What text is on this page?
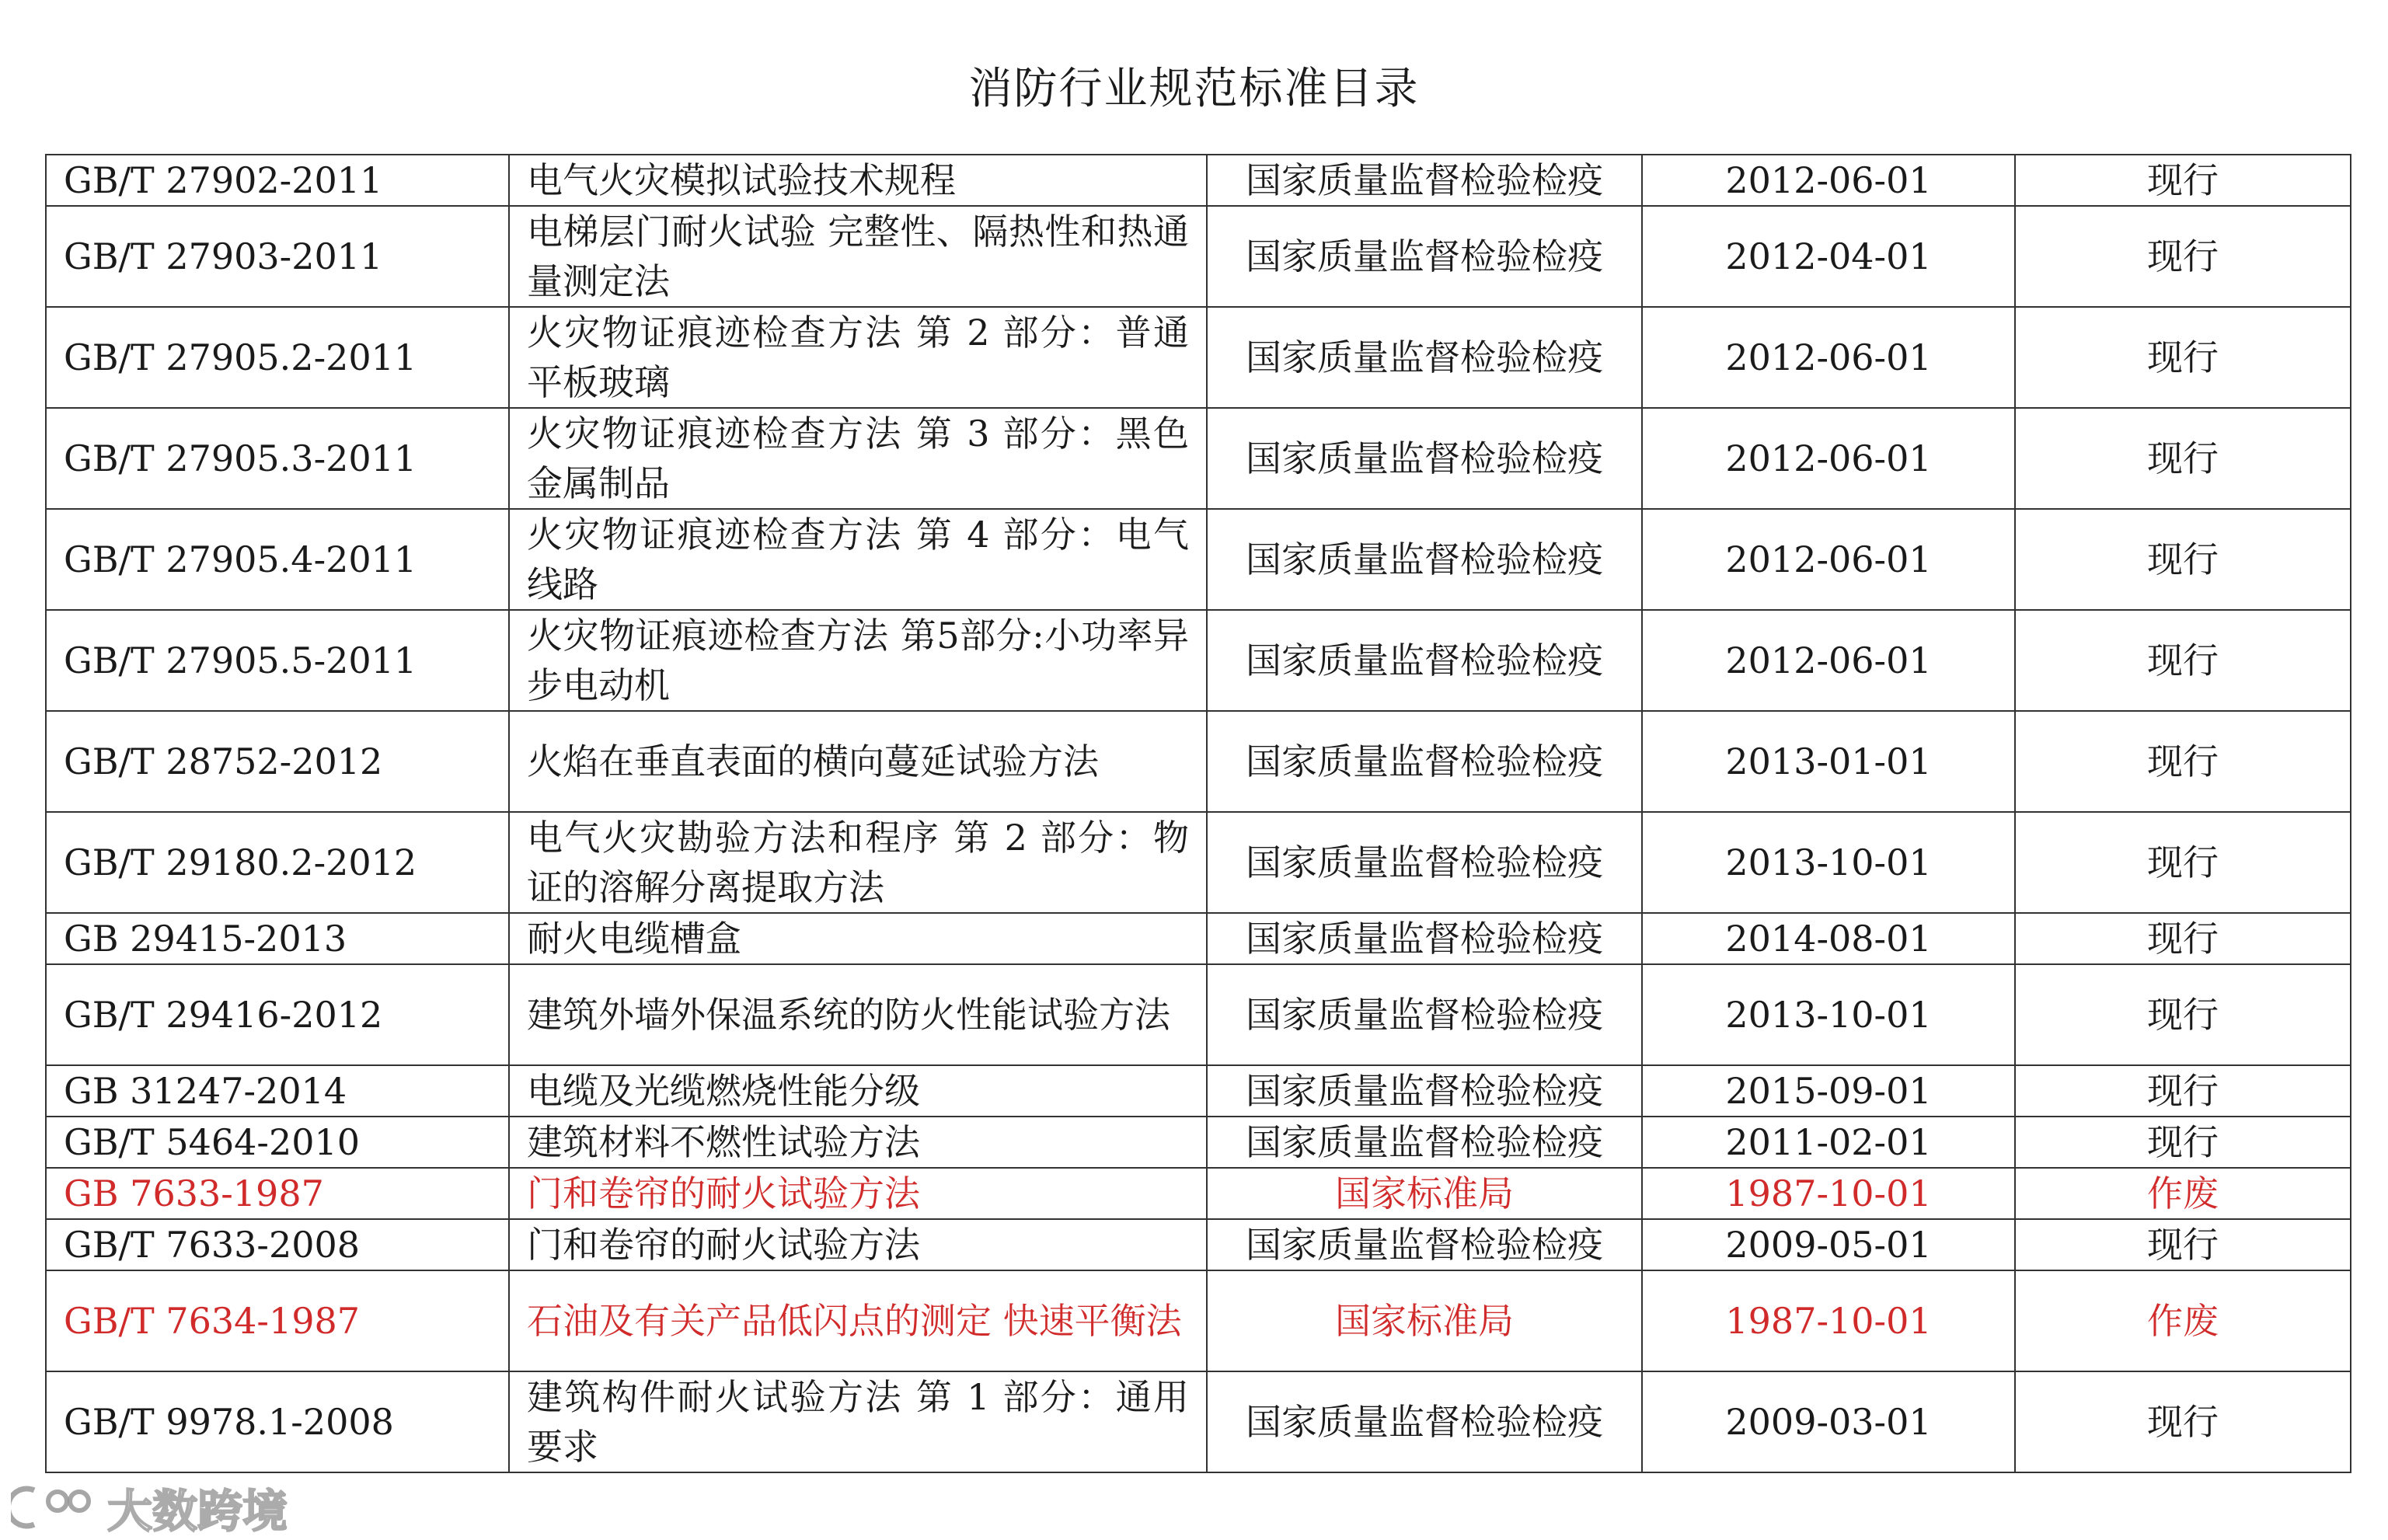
消防行业规范标准目录
GB/T 27902-2011	电气火灾模拟试验技术规程	国家质量监督检验检疫	2012-06-01	现行
GB/T 27903-2011	电梯层门耐火试验 完整性、隔热性和热通量测定法	国家质量监督检验检疫	2012-04-01	现行
GB/T 27905.2-2011	火灾物证痕迹检查方法 第 2 部分：普通平板玻璃	国家质量监督检验检疫	2012-06-01	现行
GB/T 27905.3-2011	火灾物证痕迹检查方法 第 3 部分：黑色金属制品	国家质量监督检验检疫	2012-06-01	现行
GB/T 27905.4-2011	火灾物证痕迹检查方法 第 4 部分：电气线路	国家质量监督检验检疫	2012-06-01	现行
GB/T 27905.5-2011	火灾物证痕迹检查方法 第5部分:小功率异步电动机	国家质量监督检验检疫	2012-06-01	现行
GB/T 28752-2012	火焰在垂直表面的横向蔓延试验方法	国家质量监督检验检疫	2013-01-01	现行
GB/T 29180.2-2012	电气火灾勘验方法和程序 第 2 部分：物证的溶解分离提取方法	国家质量监督检验检疫	2013-10-01	现行
GB 29415-2013	耐火电缆槽盒	国家质量监督检验检疫	2014-08-01	现行
GB/T 29416-2012	建筑外墙外保温系统的防火性能试验方法	国家质量监督检验检疫	2013-10-01	现行
GB 31247-2014	电缆及光缆燃烧性能分级	国家质量监督检验检疫	2015-09-01	现行
GB/T 5464-2010	建筑材料不燃性试验方法	国家质量监督检验检疫	2011-02-01	现行
GB 7633-1987	门和卷帘的耐火试验方法	国家标准局	1987-10-01	作废
GB/T 7633-2008	门和卷帘的耐火试验方法	国家质量监督检验检疫	2009-05-01	现行
GB/T 7634-1987	石油及有关产品低闪点的测定 快速平衡法	国家标准局	1987-10-01	作废
GB/T 9978.1-2008	建筑构件耐火试验方法 第 1 部分：通用要求	国家质量监督检验检疫	2009-03-01	现行
大数跨境
